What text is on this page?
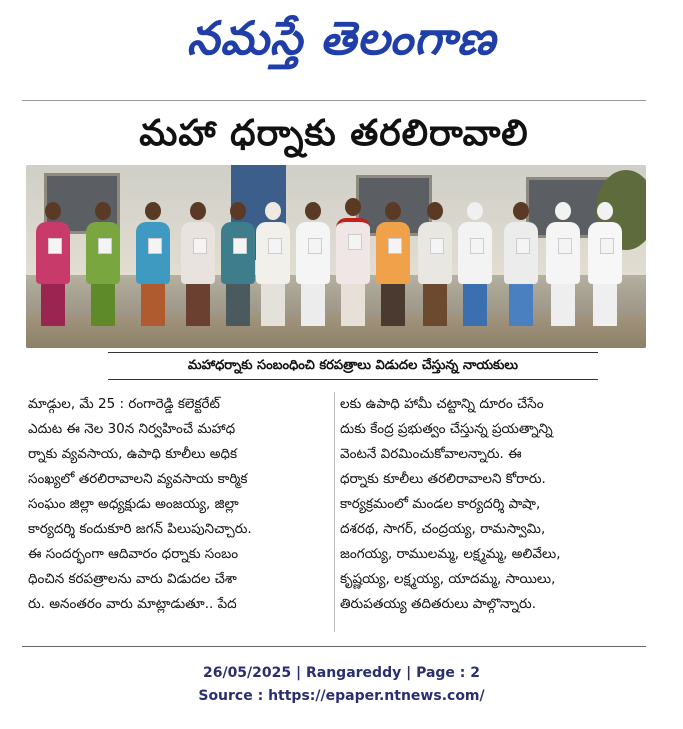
నమస్తే తెలంగాణ
మహా ధర్నాకు తరలిరావాలి
మహాధర్నాకు సంబంధించి కరపత్రాలు విడుదల చేస్తున్న నాయకులు
మాడ్గుల, మే 25 : రంగారెడ్డి కలెక్టరేట్
ఎదుట ఈ నెల 30న నిర్వహించే మహాధ
ర్నాకు వ్యవసాయ, ఉపాధి కూలీలు అధిక
సంఖ్యలో తరలిరావాలని వ్యవసాయ కార్మిక
సంఘం జిల్లా అధ్యక్షుడు అంజయ్య, జిల్లా
కార్యదర్శి కందుకూరి జగన్ పిలుపునిచ్చారు.
ఈ సందర్భంగా ఆదివారం ధర్నాకు సంబం
ధించిన కరపత్రాలను వారు విడుదల చేశా
రు. అనంతరం వారు మాట్లాడుతూ.. పేద
లకు ఉపాధి హామీ చట్టాన్ని దూరం చేసేం
దుకు కేంద్ర ప్రభుత్వం చేస్తున్న ప్రయత్నాన్ని
వెంటనే విరమించుకోవాలన్నారు. ఈ
ధర్నాకు కూలీలు తరలిరావాలని కోరారు.
కార్యక్రమంలో మండల కార్యదర్శి పాషా,
దశరథ, సాగర్, చంద్రయ్య, రామస్వామి,
జంగయ్య, రాములమ్మ, లక్ష్మమ్మ, అలివేలు,
కృష్ణయ్య, లక్ష్మయ్య, యాదమ్మ, సాయిలు,
తిరుపతయ్య తదితరులు పాల్గొన్నారు.
26/05/2025 | Rangareddy | Page : 2
Source : https://epaper.ntnews.com/
